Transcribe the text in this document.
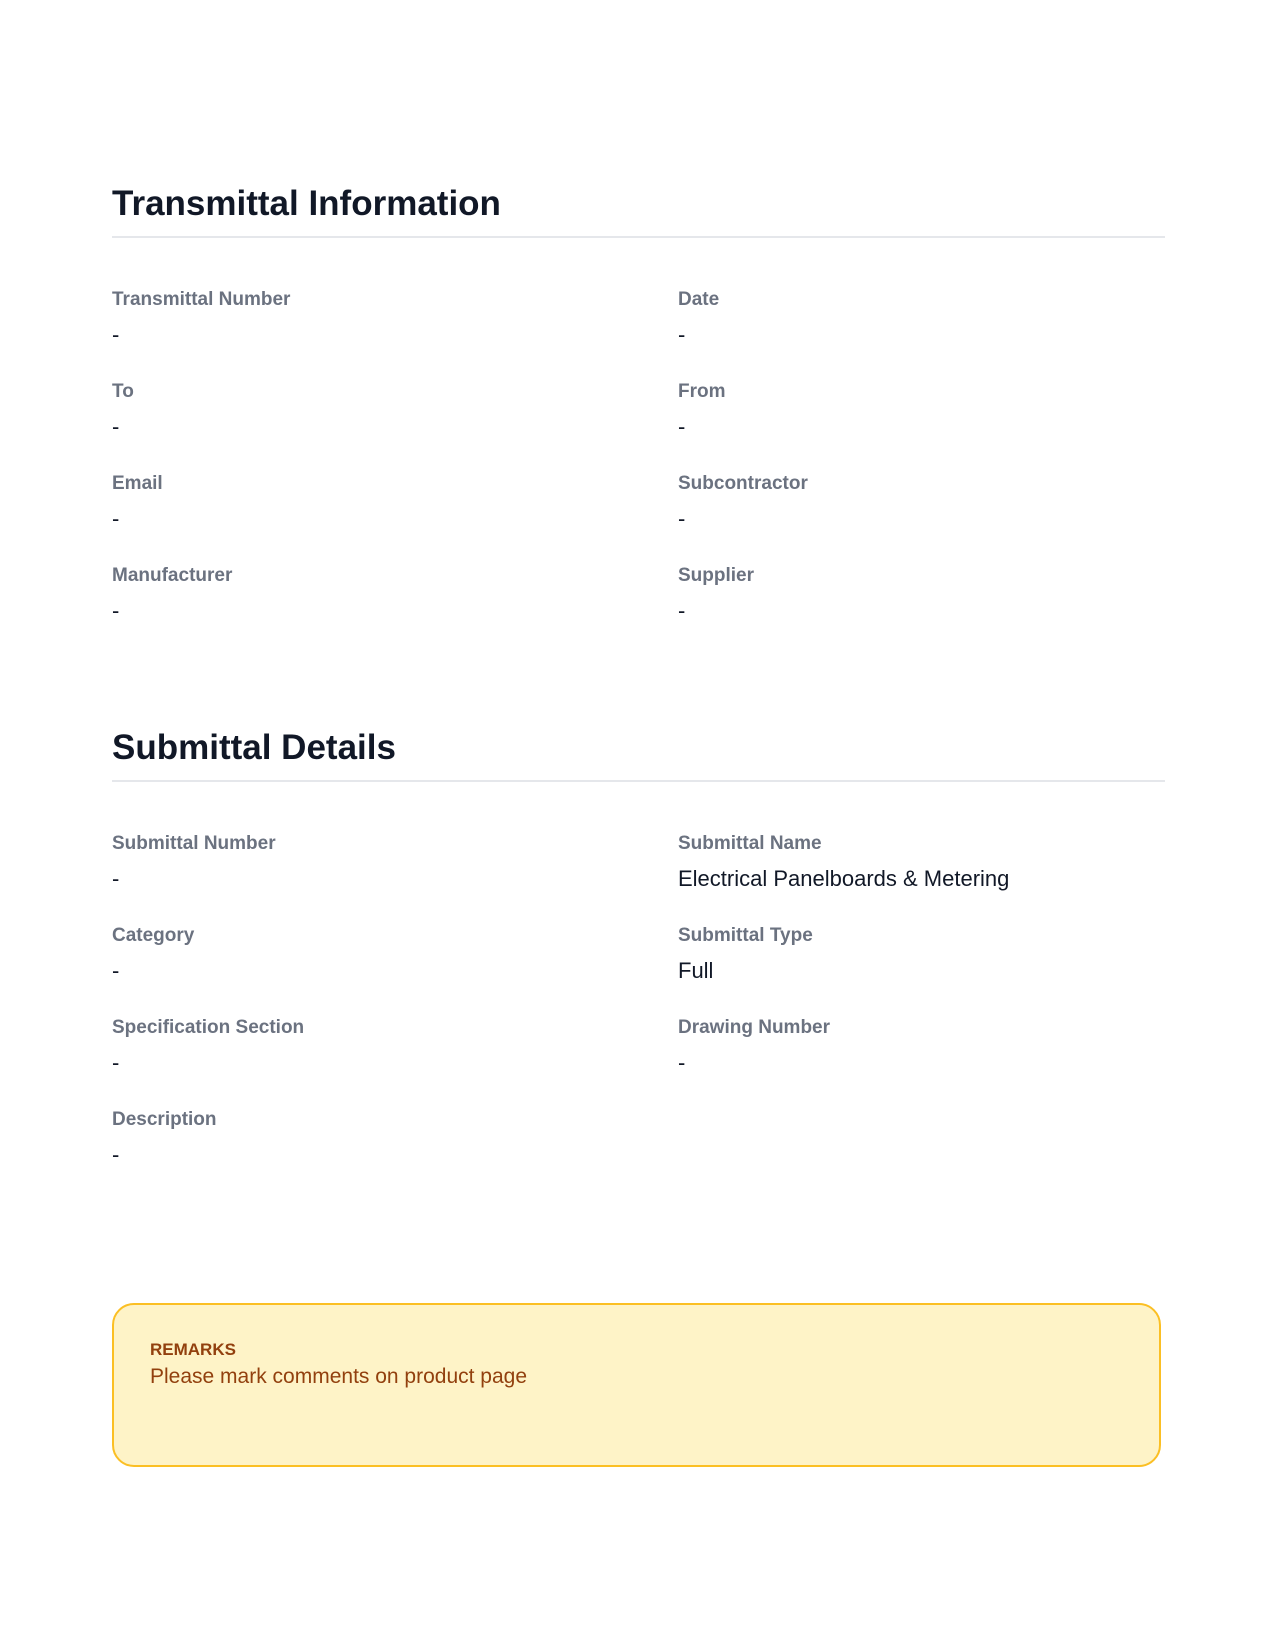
Transmittal Information
Transmittal Number
-
Date
-
To
-
From
-
Email
-
Subcontractor
-
Manufacturer
-
Supplier
-
Submittal Details
Submittal Number
-
Submittal Name
Electrical Panelboards & Metering
Category
-
Submittal Type
Full
Specification Section
-
Drawing Number
-
Description
-
REMARKS
Please mark comments on product page
